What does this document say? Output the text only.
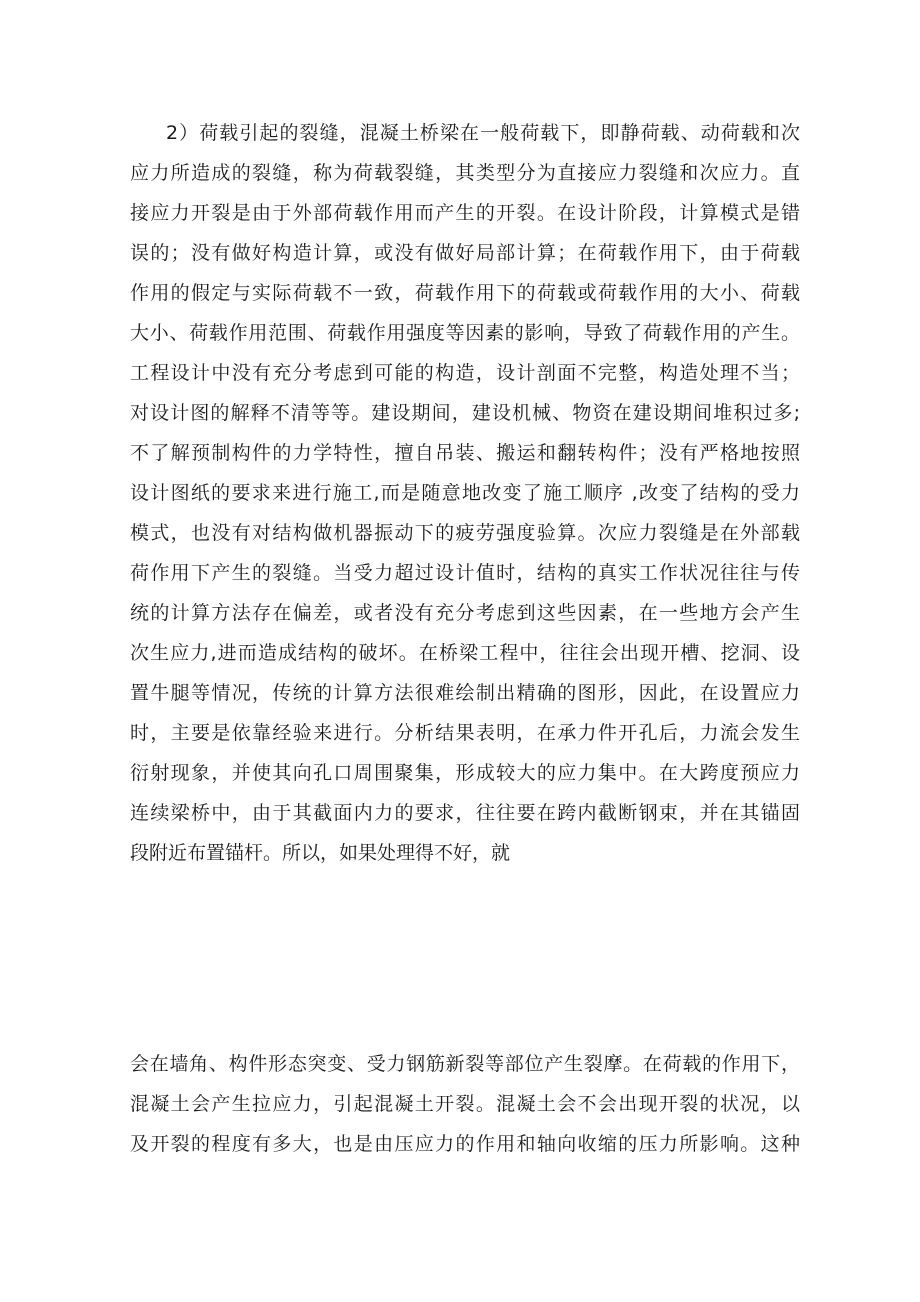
2）荷载引起的裂缝，混凝土桥梁在一般荷载下，即静荷载、动荷载和次
应力所造成的裂缝，称为荷载裂缝，其类型分为直接应力裂缝和次应力。直
接应力开裂是由于外部荷载作用而产生的开裂。在设计阶段，计算模式是错
误的；没有做好构造计算，或没有做好局部计算；在荷载作用下，由于荷载
作用的假定与实际荷载不一致，荷载作用下的荷载或荷载作用的大小、荷载
大小、荷载作用范围、荷载作用强度等因素的影响，导致了荷载作用的产生。
工程设计中没有充分考虑到可能的构造，设计剖面不完整，构造处理不当；
对设计图的解释不清等等。建设期间，建设机械、物资在建设期间堆积过多;
不了解预制构件的力学特性，擅自吊装、搬运和翻转构件；没有严格地按照
设计图纸的要求来进行施工,而是随意地改变了施工顺序 ,改变了结构的受力
模式，也没有对结构做机器振动下的疲劳强度验算。次应力裂缝是在外部载
荷作用下产生的裂缝。当受力超过设计值时，结构的真实工作状况往往与传
统的计算方法存在偏差，或者没有充分考虑到这些因素，在一些地方会产生
次生应力,进而造成结构的破坏。在桥梁工程中，往往会出现开槽、挖洞、设
置牛腿等情况，传统的计算方法很难绘制出精确的图形，因此，在设置应力
时，主要是依靠经验来进行。分析结果表明，在承力件开孔后，力流会发生
衍射现象，并使其向孔口周围聚集，形成较大的应力集中。在大跨度预应力
连续梁桥中，由于其截面内力的要求，往往要在跨内截断钢束，并在其锚固
段附近布置锚杆。所以，如果处理得不好，就
会在墙角、构件形态突变、受力钢筋新裂等部位产生裂摩。在荷载的作用下，
混凝土会产生拉应力，引起混凝土开裂。混凝土会不会出现开裂的状况，以
及开裂的程度有多大，也是由压应力的作用和轴向收缩的压力所影响。这种
